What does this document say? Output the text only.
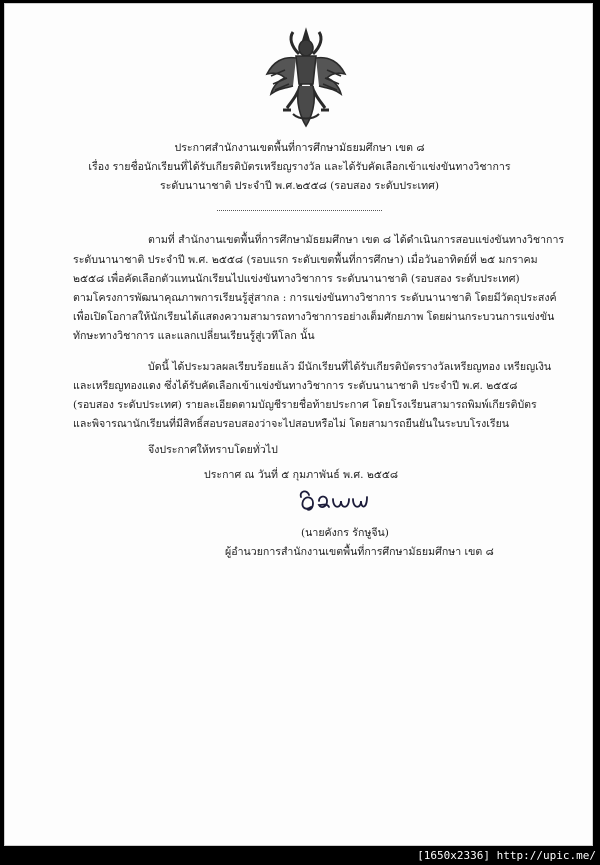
ประกาศสำนักงานเขตพื้นที่การศึกษามัธยมศึกษา เขต ๘
เรื่อง รายชื่อนักเรียนที่ได้รับเกียรติบัตรเหรียญรางวัล และได้รับคัดเลือกเข้าแข่งขันทางวิชาการ
ระดับนานาชาติ ประจำปี พ.ศ.๒๕๕๘ (รอบสอง ระดับประเทศ)
ตามที่ สำนักงานเขตพื้นที่การศึกษามัธยมศึกษา เขต ๘ ได้ดำเนินการสอบแข่งขันทางวิชาการ
ระดับนานาชาติ ประจำปี พ.ศ. ๒๕๕๘ (รอบแรก ระดับเขตพื้นที่การศึกษา) เมื่อวันอาทิตย์ที่ ๒๕ มกราคม
๒๕๕๘ เพื่อคัดเลือกตัวแทนนักเรียนไปแข่งขันทางวิชาการ ระดับนานาชาติ (รอบสอง ระดับประเทศ)
ตามโครงการพัฒนาคุณภาพการเรียนรู้สู่สากล : การแข่งขันทางวิชาการ ระดับนานาชาติ โดยมีวัตถุประสงค์
เพื่อเปิดโอกาสให้นักเรียนได้แสดงความสามารถทางวิชาการอย่างเต็มศักยภาพ โดยผ่านกระบวนการแข่งขัน
ทักษะทางวิชาการ และแลกเปลี่ยนเรียนรู้สู่เวทีโลก นั้น
บัดนี้ ได้ประมวลผลเรียบร้อยแล้ว มีนักเรียนที่ได้รับเกียรติบัตรรางวัลเหรียญทอง เหรียญเงิน
และเหรียญทองแดง ซึ่งได้รับคัดเลือกเข้าแข่งขันทางวิชาการ ระดับนานาชาติ ประจำปี พ.ศ. ๒๕๕๘
(รอบสอง ระดับประเทศ) รายละเอียดตามบัญชีรายชื่อท้ายประกาศ โดยโรงเรียนสามารถพิมพ์เกียรติบัตร
และพิจารณานักเรียนที่มีสิทธิ์สอบรอบสองว่าจะไปสอบหรือไม่ โดยสามารถยืนยันในระบบโรงเรียน
จึงประกาศให้ทราบโดยทั่วไป
ประกาศ ณ วันที่ ๕ กุมภาพันธ์ พ.ศ. ๒๕๕๘
(นายคังกร รักษูจีน)
ผู้อำนวยการสำนักงานเขตพื้นที่การศึกษามัธยมศึกษา เขต ๘
[1650x2336] http://upic.me/
